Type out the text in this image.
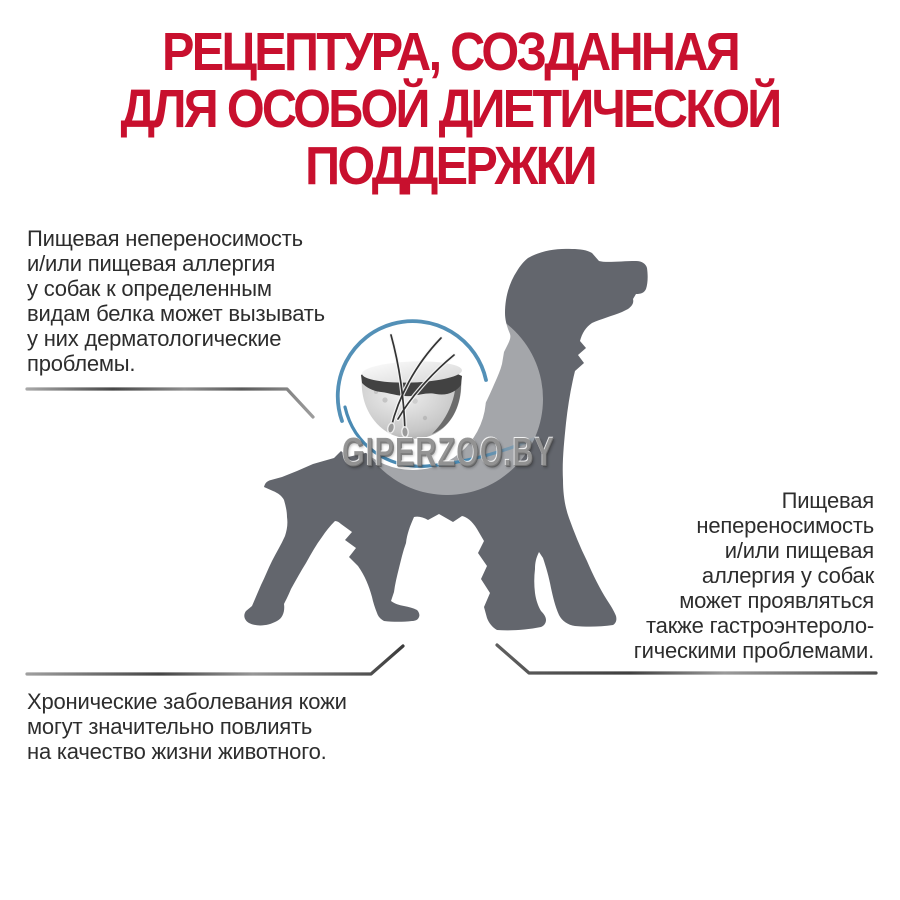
РЕЦЕПТУРА, СОЗДАННАЯ
ДЛЯ ОСОБОЙ ДИЕТИЧЕСКОЙ
ПОДДЕРЖКИ
Пищевая непереносимость
и/или пищевая аллергия
у собак к определенным
видам белка может вызывать
у них дерматологические
проблемы.
Пищевая
непереносимость
и/или пищевая
аллергия у собак
может проявляться
также гастроэнтероло-
гическими проблемами.
Хронические заболевания кожи
могут значительно повлиять
на качество жизни животного.
GIPERZOO.BY
